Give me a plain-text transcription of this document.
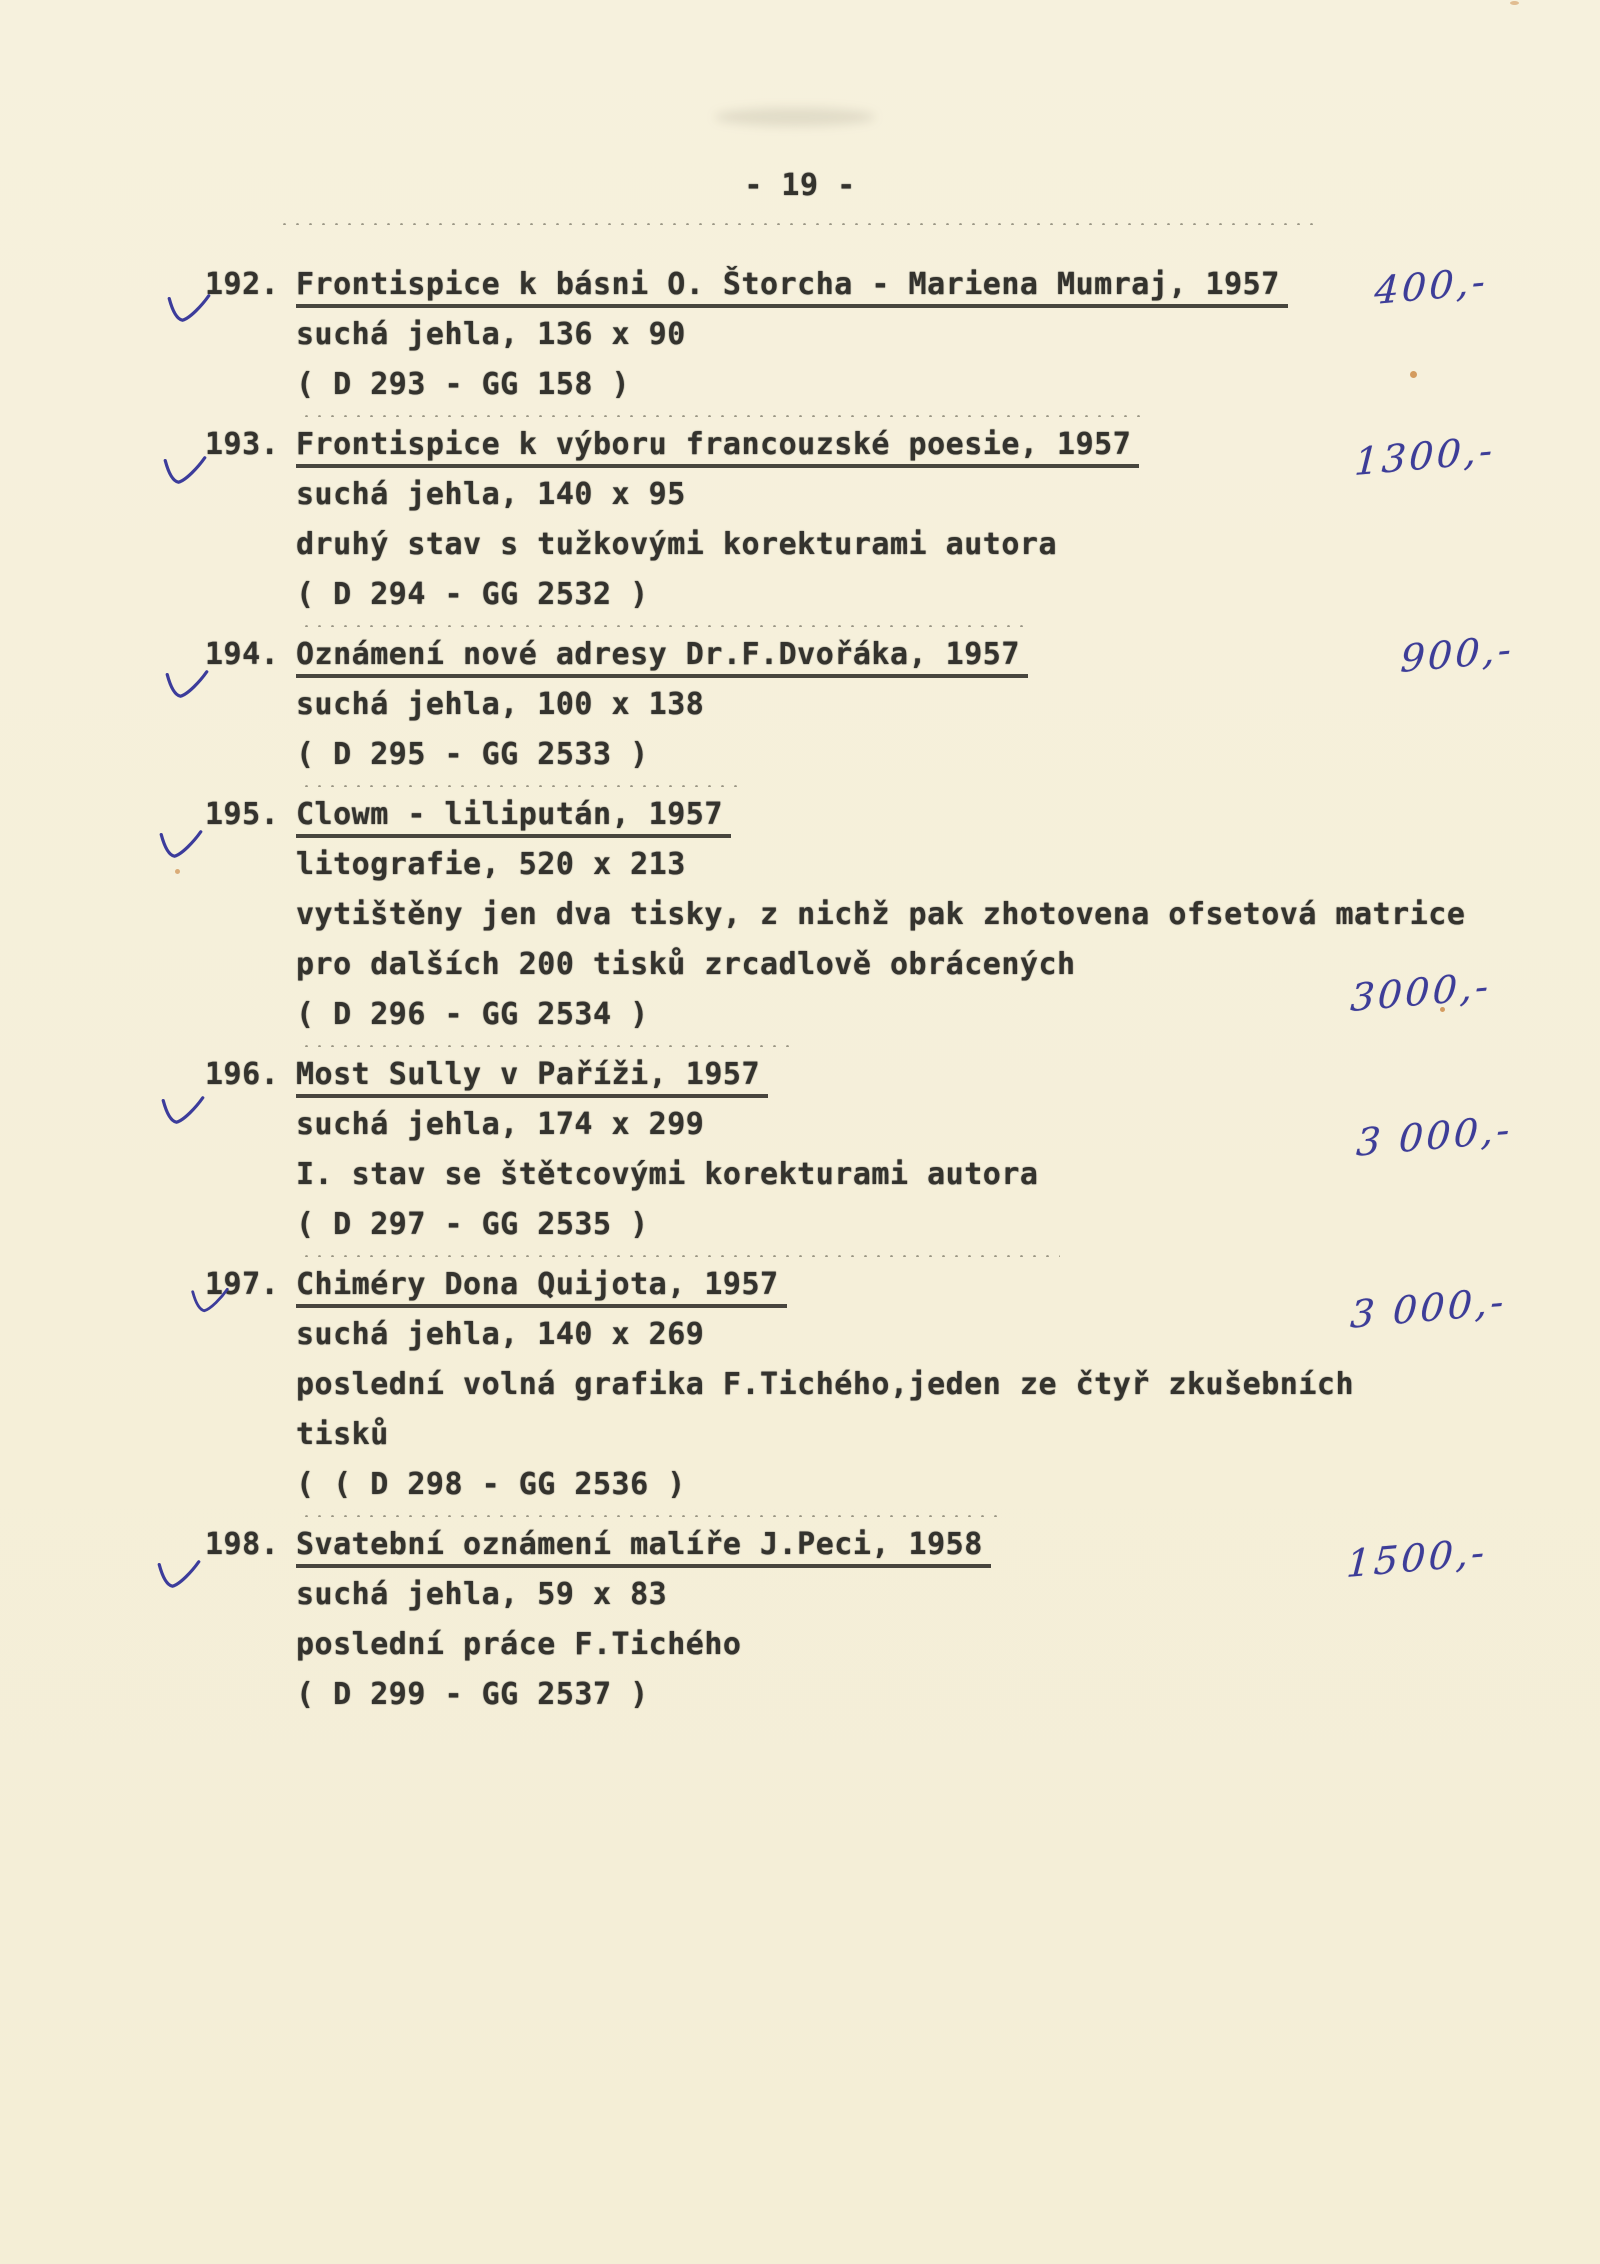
- 19 -
192. Frontispice k básni O. Štorcha - Mariena Mumraj, 1957
suchá jehla, 136 x 90
( D 293 - GG 158 )
400,-
193. Frontispice k výboru francouzské poesie, 1957
suchá jehla, 140 x 95
druhý stav s tužkovými korekturami autora
( D 294 - GG 2532 )
1300,-
194. Oznámení nové adresy Dr.F.Dvořáka, 1957
suchá jehla, 100 x 138
( D 295 - GG 2533 )
900,-
195. Clowm - lilipután, 1957
litografie, 520 x 213
vytištěny jen dva tisky, z nichž pak zhotovena ofsetová matrice
pro dalších 200 tisků zrcadlově obrácených
( D 296 - GG 2534 )	3000,-
196. Most Sully v Paříži, 1957
suchá jehla, 174 x 299
I. stav se štětcovými korekturami autora
( D 297 - GG 2535 )
3 000,-
197. Chiméry Dona Quijota, 1957
suchá jehla, 140 x 269
poslední volná grafika F.Tichého,jeden ze čtyř zkušebních
tisků
( ( D 298 - GG 2536 )
3 000,-
198. Svatební oznámení malíře J.Peci, 1958
suchá jehla, 59 x 83
poslední práce F.Tichého
( D 299 - GG 2537 )
1500,-
